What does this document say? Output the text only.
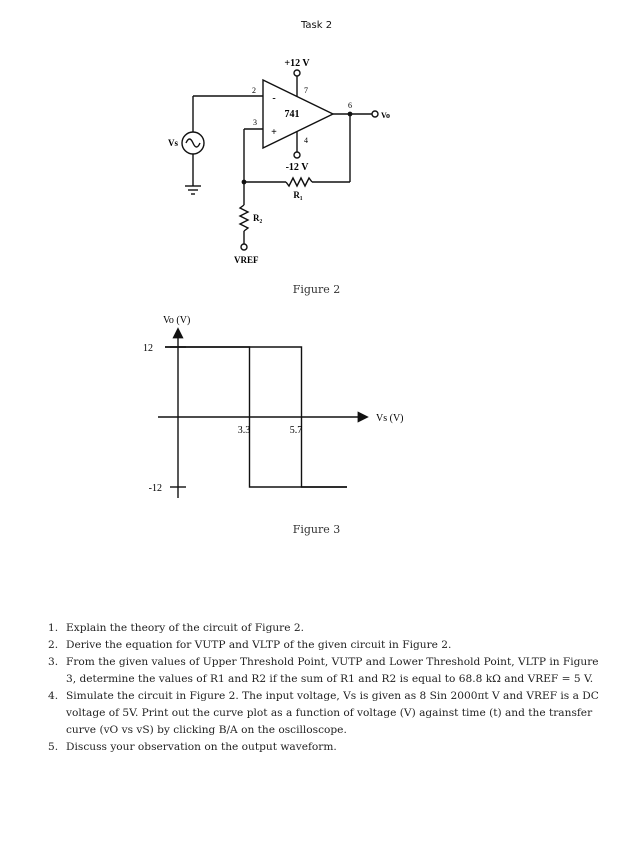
Task 2
+12 V
-12 V
741
2
3
7
4
6
-
+
Vs
Vo
R₁
R₂
VREF
Figure 2
Vo (V)
Vs (V)
12
-12
3.3	5.7
Figure 3
1. Explain the theory of the circuit of Figure 2.
2. Derive the equation for VUTP and VLTP of the given circuit in Figure 2.
3. From the given values of Upper Threshold Point, VUTP and Lower Threshold Point, VLTP in Figure 3, determine the values of R1 and R2 if the sum of R1 and R2 is equal to 68.8 kΩ and VREF = 5 V.
4. Simulate the circuit in Figure 2. The input voltage, Vs is given as 8 Sin 2000πt V and VREF is a DC voltage of 5V. Print out the curve plot as a function of voltage (V) against time (t) and the transfer curve (vO vs vS) by clicking B/A on the oscilloscope.
5. Discuss your observation on the output waveform.
